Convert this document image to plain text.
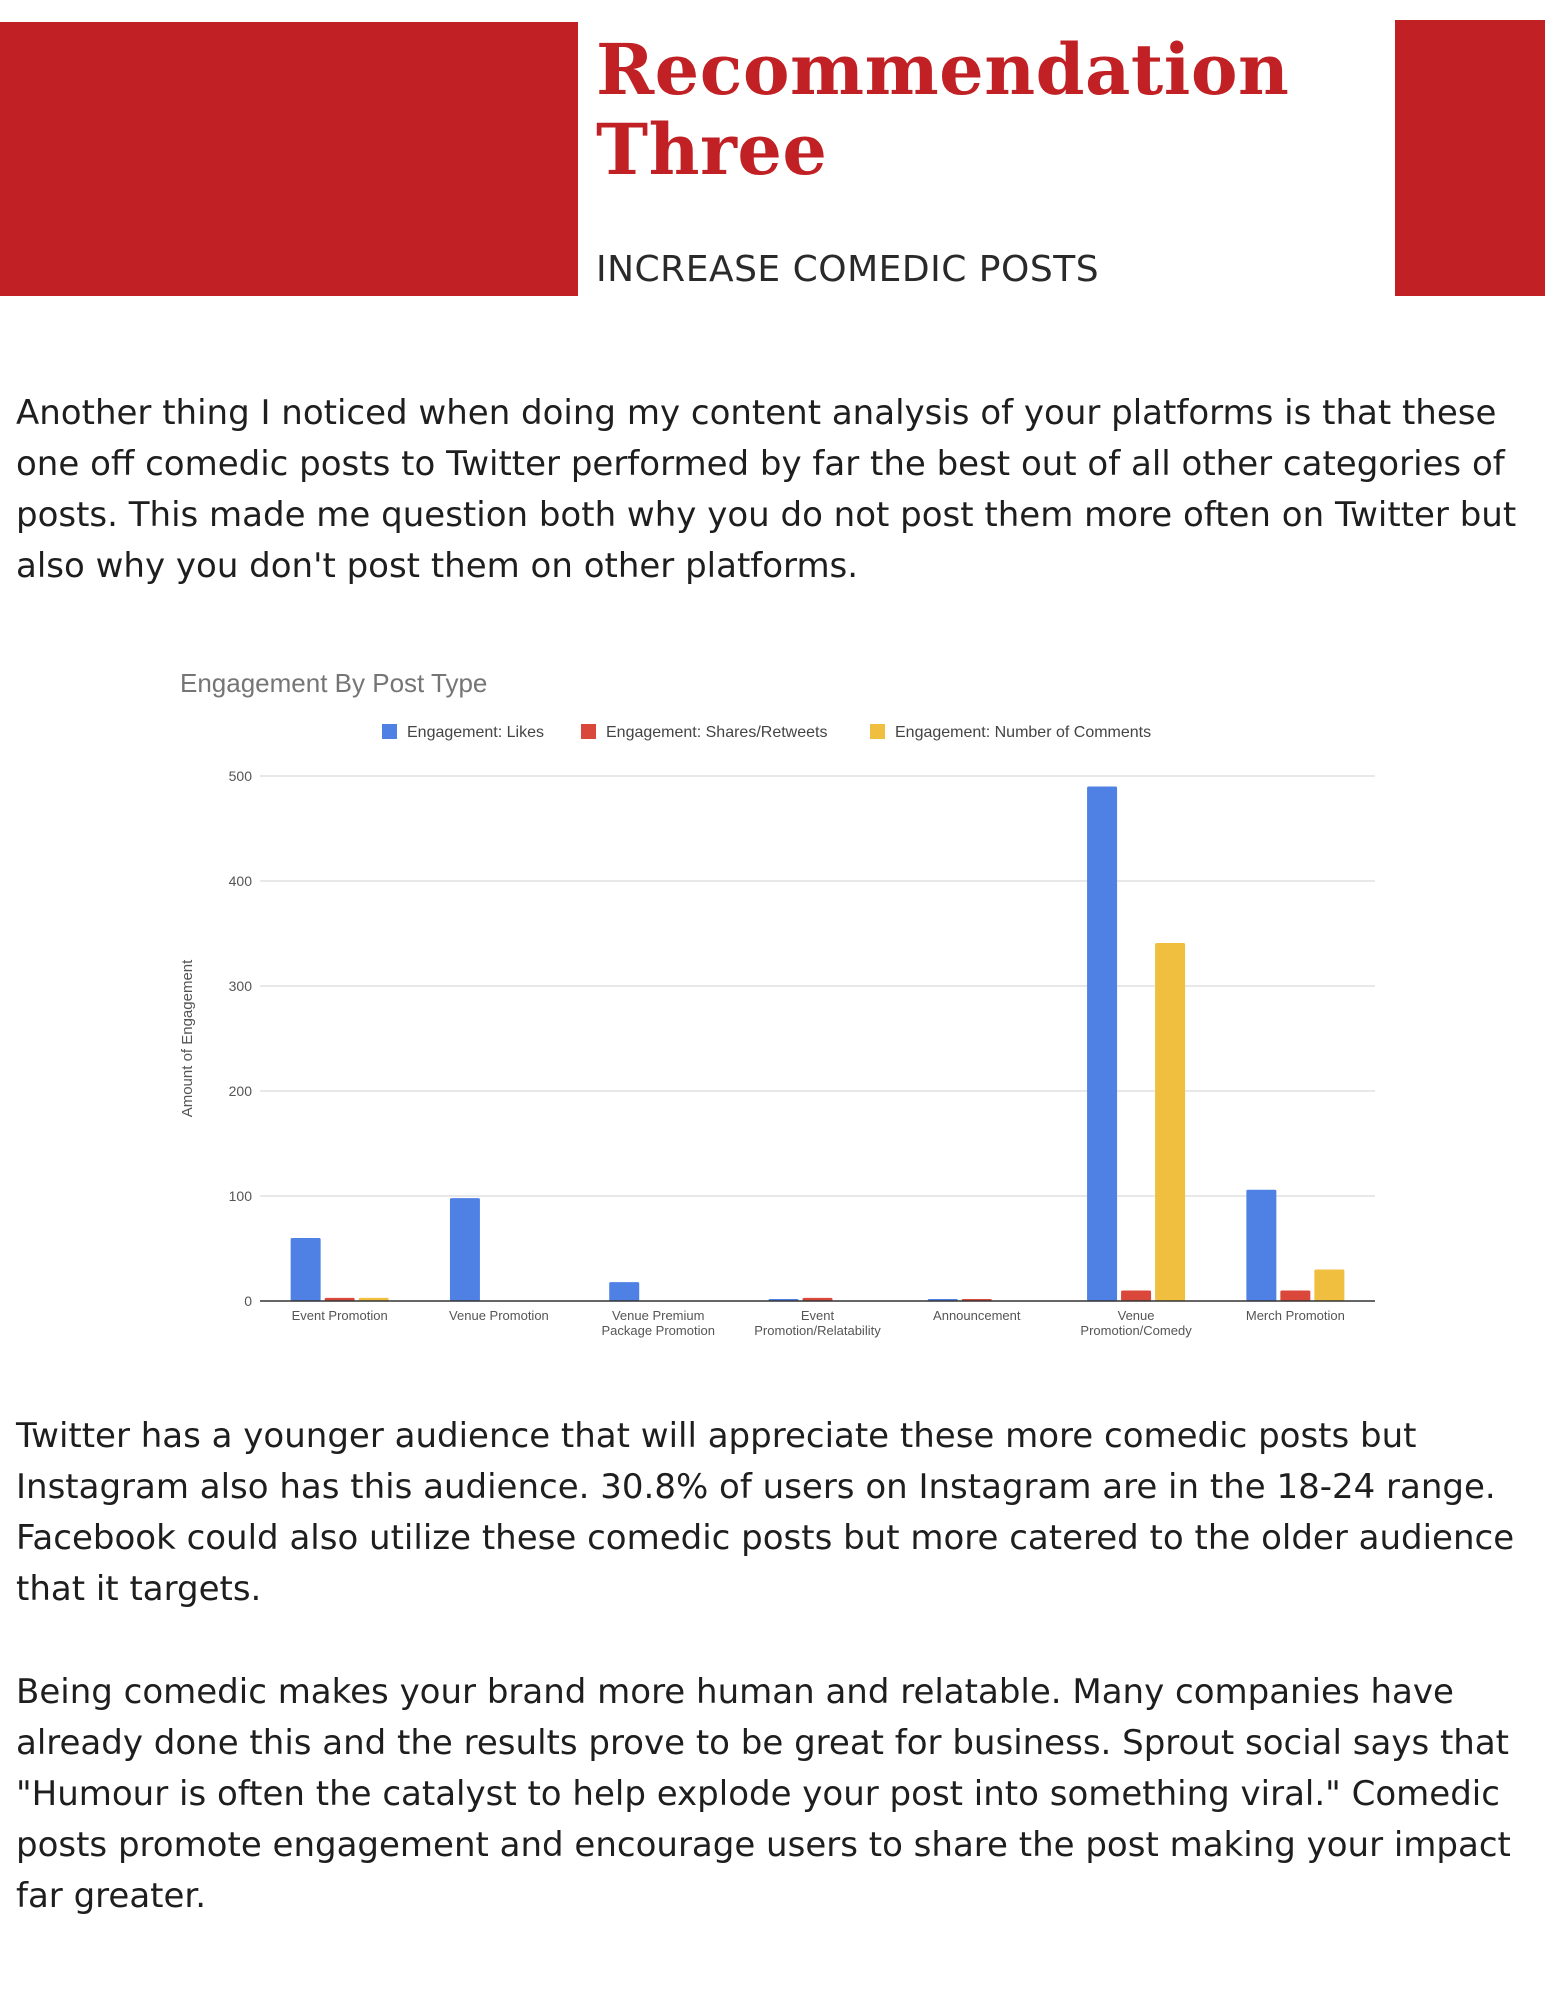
Recommendation
Three

INCREASE COMEDIC POSTS

Another thing I noticed when doing my content analysis of your platforms is that these one off comedic posts to Twitter performed by far the best out of all other categories of posts. This made me question both why you do not post them more often on Twitter but also why you don't post them on other platforms.

Engagement By Post Type
Engagement: Likes	Engagement: Shares/Retweets	Engagement: Number of Comments
0
100
200
300
400
500
Amount of Engagement
Event Promotion	Venue Promotion	Venue Premium
Package Promotion
Event
Promotion/Relatability
Announcement	Venue
Promotion/Comedy
Merch Promotion

Twitter has a younger audience that will appreciate these more comedic posts but Instagram also has this audience. 30.8% of users on Instagram are in the 18-24 range. Facebook could also utilize these comedic posts but more catered to the older audience that it targets.

Being comedic makes your brand more human and relatable. Many companies have already done this and the results prove to be great for business. Sprout social says that "Humour is often the catalyst to help explode your post into something viral." Comedic posts promote engagement and encourage users to share the post making your impact far greater.
